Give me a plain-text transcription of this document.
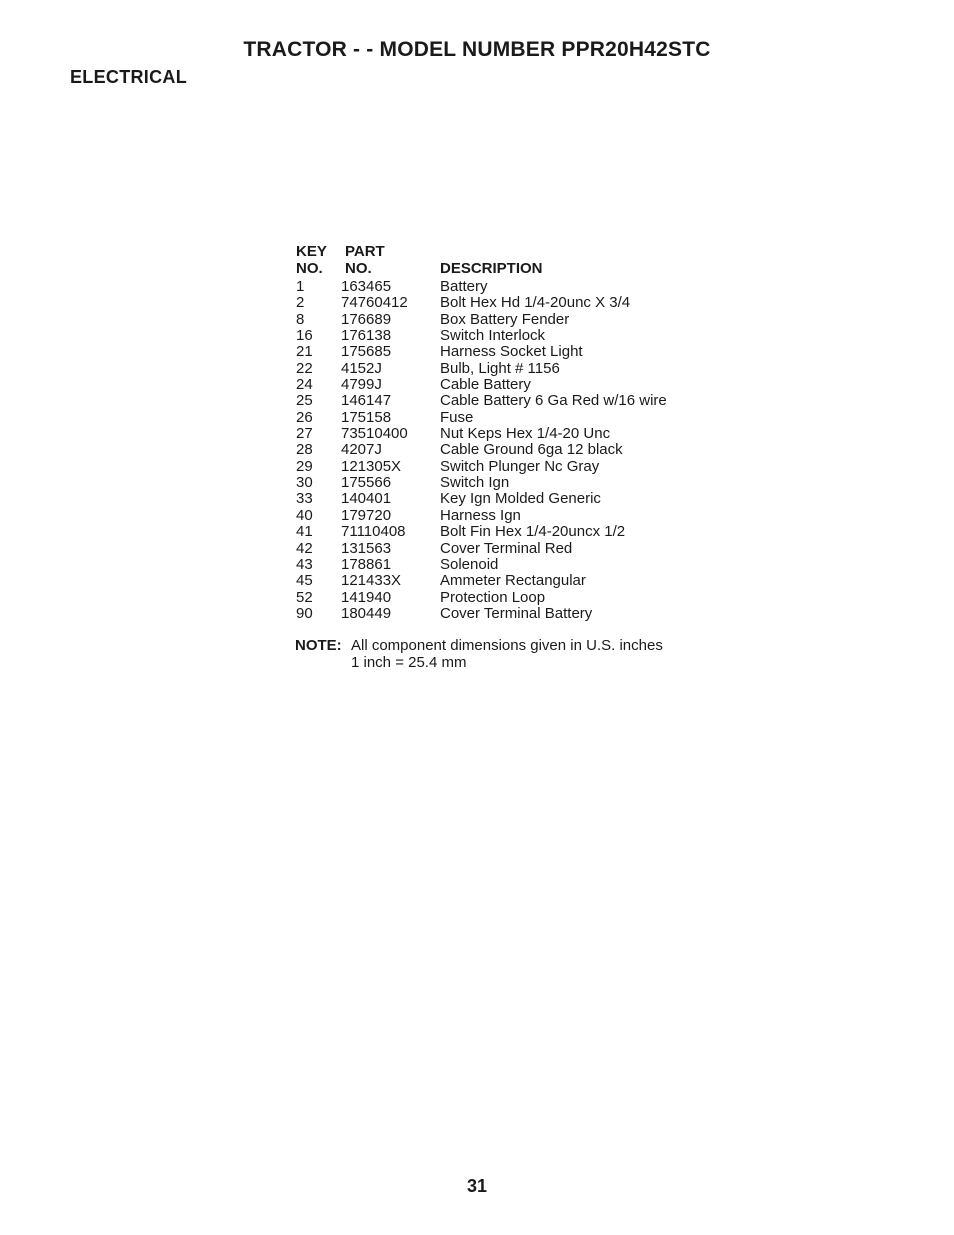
TRACTOR - - MODEL NUMBER PPR20H42STC
ELECTRICAL
KEY
NO.
PART
NO.	DESCRIPTION
1 163465	Battery
2 74760412 Bolt Hex Hd 1/4-20unc X 3/4
8 176689	Box Battery Fender
16 176138	Switch Interlock
21 175685	Harness Socket Light
22 4152J	Bulb, Light # 1156
24 4799J	Cable Battery
25 146147	Cable Battery 6 Ga Red w/16 wire
26 175158	Fuse
27 73510400 Nut Keps Hex 1/4-20 Unc
28 4207J	Cable Ground 6ga 12 black
29 121305X	Switch Plunger Nc Gray
30 175566	Switch Ign
33 140401	Key Ign Molded Generic
40 179720	Harness Ign
41 71110408 Bolt Fin Hex 1/4-20uncx 1/2
42 131563	Cover Terminal Red
43 178861	Solenoid
45 121433X	Ammeter Rectangular
52 141940	Protection Loop
90 180449	Cover Terminal Battery
NOTE: All component dimensions given in U.S. inches
1 inch = 25.4 mm
31
